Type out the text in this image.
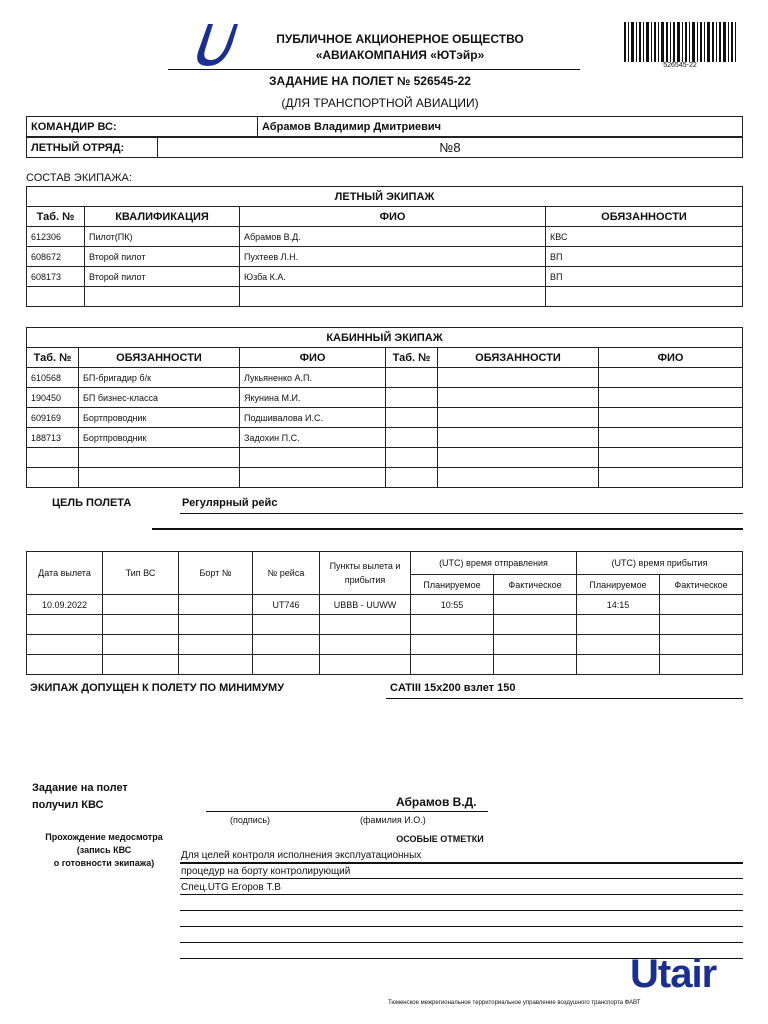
ПУБЛИЧНОЕ АКЦИОНЕРНОЕ ОБЩЕСТВО
«АВИАКОМПАНИЯ «ЮТэйр»
526545-22
ЗАДАНИЕ НА ПОЛЕТ № 526545-22
(ДЛЯ ТРАНСПОРТНОЙ АВИАЦИИ)
КОМАНДИР ВС:	Абрамов Владимир Дмитриевич
ЛЕТНЫЙ ОТРЯД:	№8
СОСТАВ ЭКИПАЖА:
ЛЕТНЫЙ ЭКИПАЖ			
Таб. №	КВАЛИФИКАЦИЯ	ФИО	ОБЯЗАННОСТИ
612306	Пилот(ПК)	Абрамов В.Д.	КВС
608672	Второй пилот	Пухтеев Л.Н.	ВП
608173	Второй пилот	Юзба К.А.	ВП

КАБИННЫЙ ЭКИПАЖ					
Таб. №	ОБЯЗАННОСТИ	ФИО	Таб. №	ОБЯЗАННОСТИ	ФИО
610568	БП-бригадир б/к	Лукьяненко А.П.			
190450	БП бизнес-класса	Якунина М.И.			
609169	Бортпроводник	Подшивалова И.С.			
188713	Бортпроводник	Задохин П.С.			

ЦЕЛЬ ПОЛЕТА	Регулярный рейс
Дата вылета	Тип ВС	Борт №	№ рейса	Пункты вылета и прибытия	(UTC) время отправления		(UTC) время прибытия	
					Планируемое	Фактическое	Планируемое	Фактическое
10.09.2022			UT746	UBBB - UUWW	10:55		14:15	

ЭКИПАЖ ДОПУЩЕН К ПОЛЕТУ ПО МИНИМУМУ	CATIII 15x200 взлет 150
Задание на полет
получил КВС	Абрамов В.Д.
(подпись)	(фамилия И.О.)
Прохождение медосмотра
(запись КВС
о готовности экипажа)
ОСОБЫЕ ОТМЕТКИ
Для целей контроля исполнения эксплуатационных
процедур на борту контролирующий
Спец.UTG Егоров Т.В
Utair
Тюменское межрегиональное территориальное управление воздушного транспорта ФАВТ
